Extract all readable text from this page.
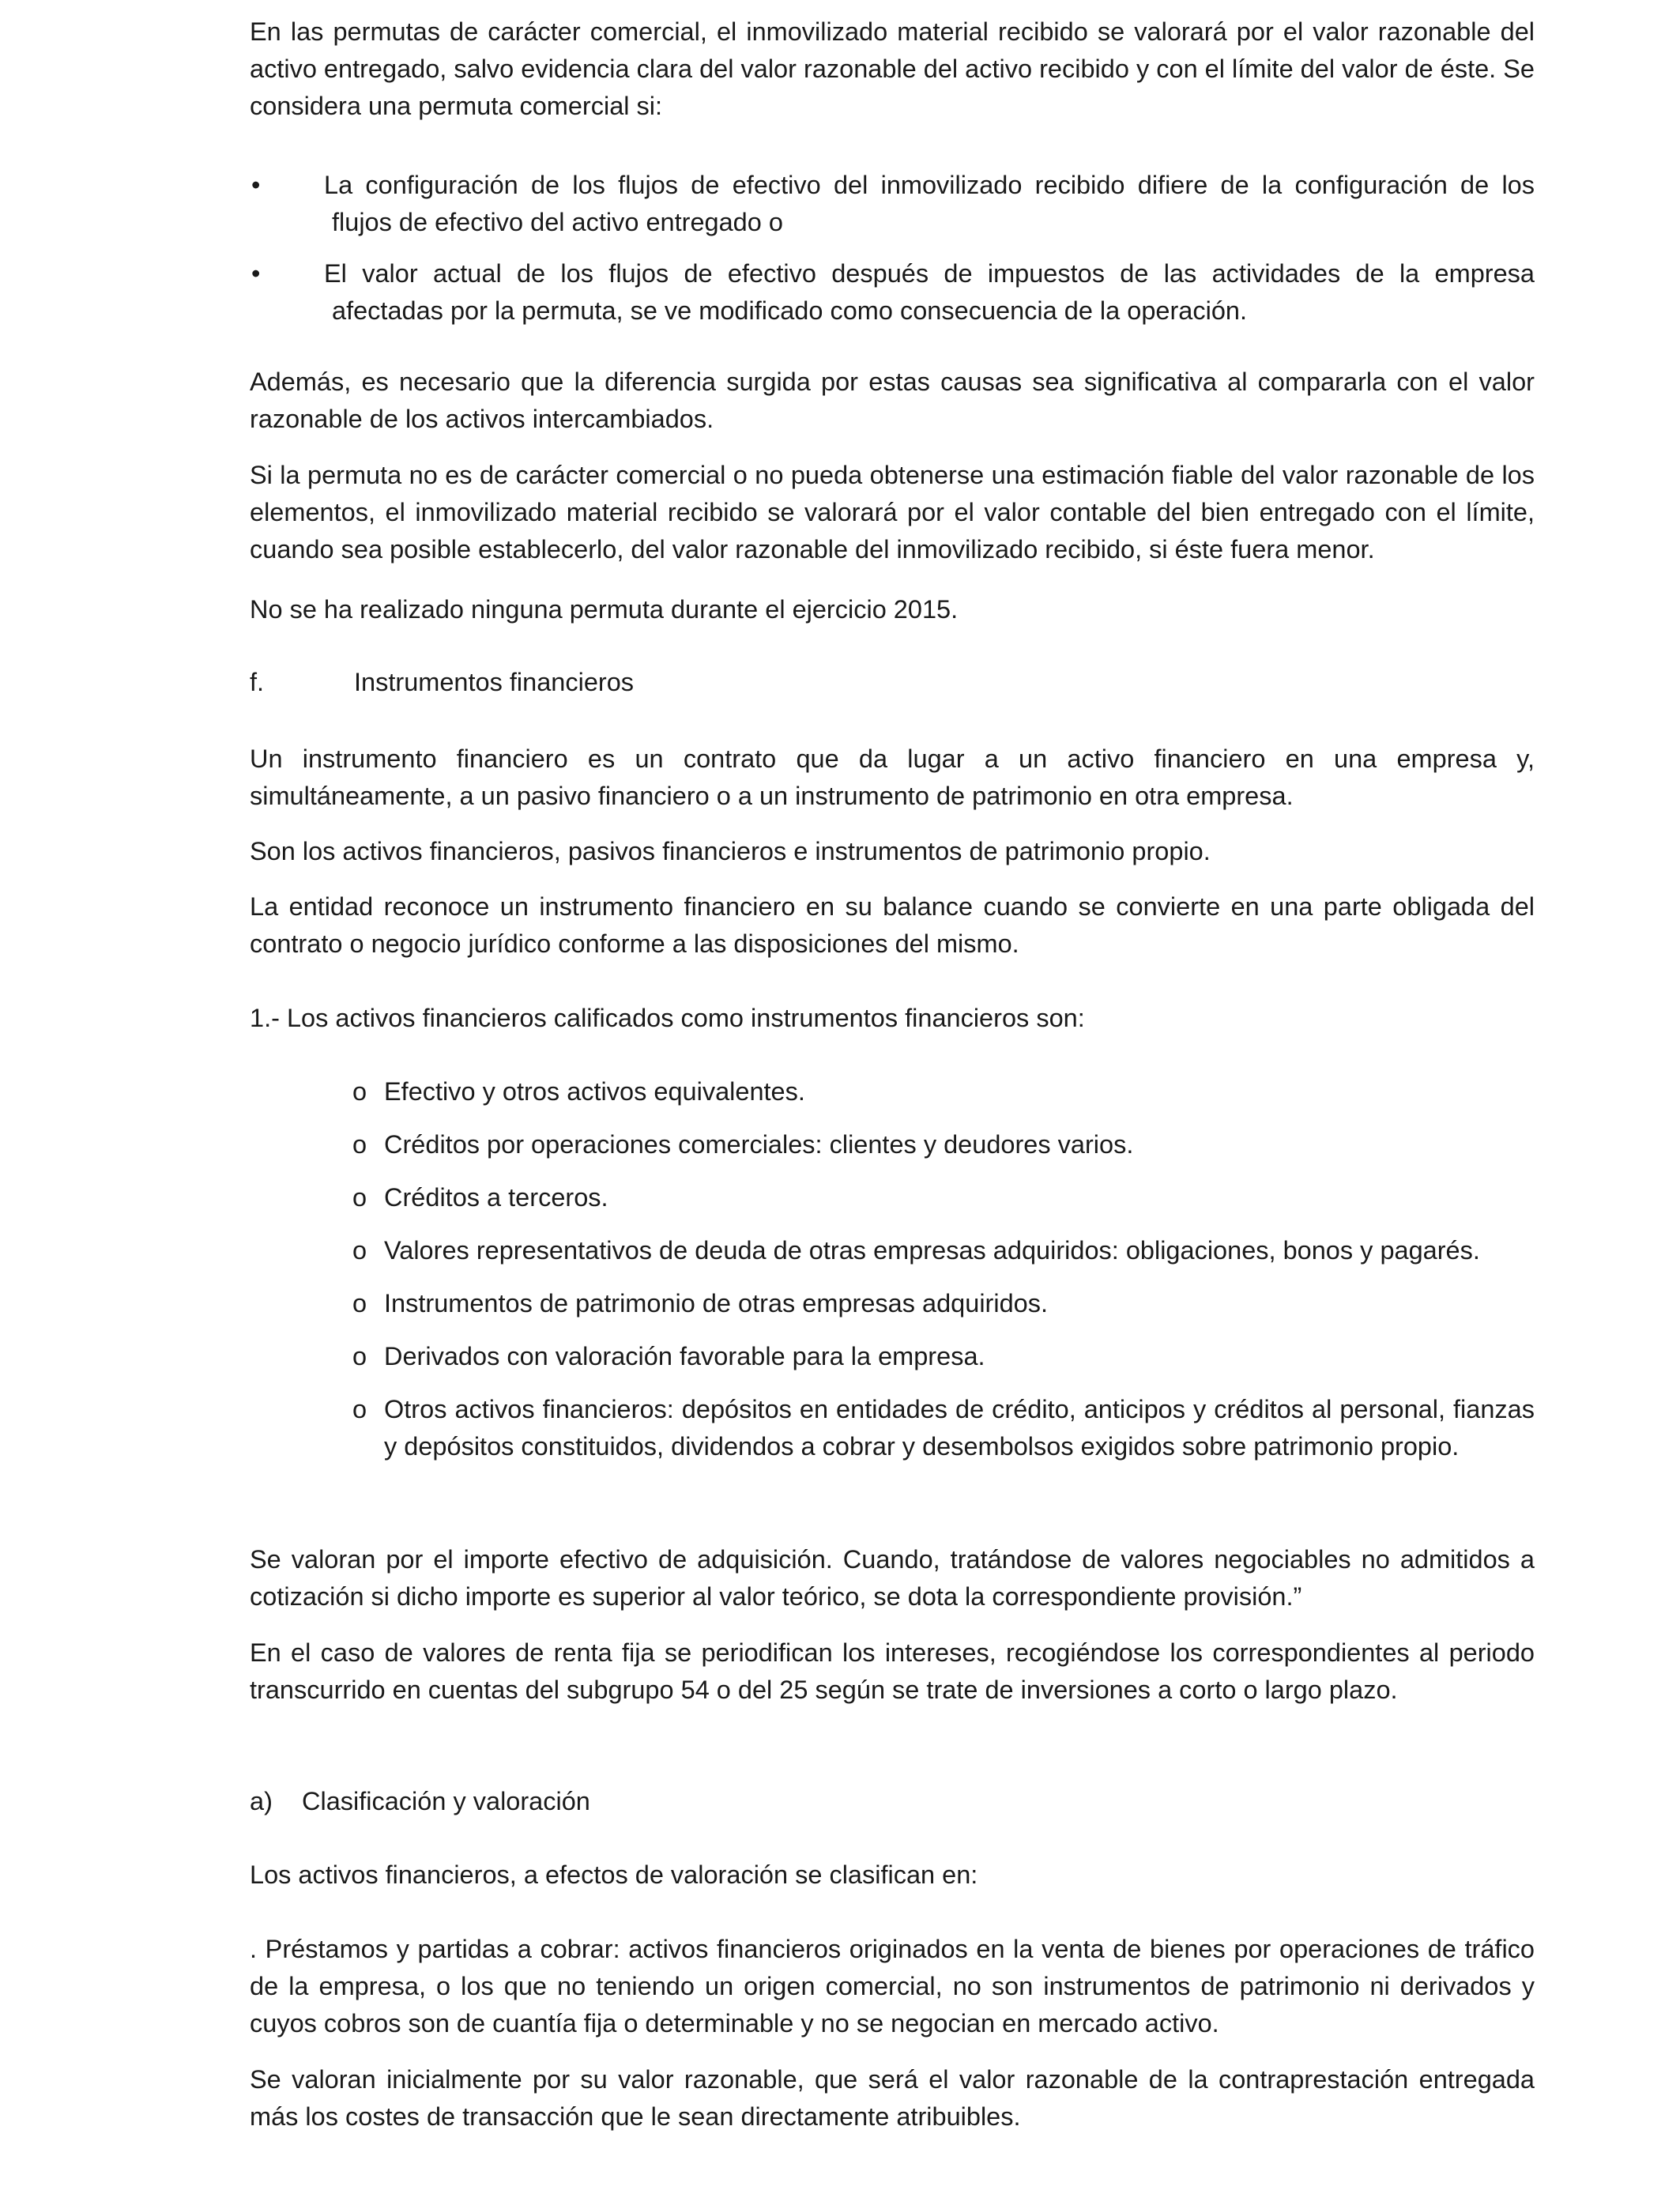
En las permutas de carácter comercial, el inmovilizado material recibido se valorará por el valor razonable del activo entregado, salvo evidencia clara del valor razonable del activo recibido y con el límite del valor de éste. Se considera una permuta comercial si:

• La configuración de los flujos de efectivo del inmovilizado recibido difiere de la configuración de los
flujos de efectivo del activo entregado o
• El valor actual de los flujos de efectivo después de impuestos de las actividades de la empresa
afectadas por la permuta, se ve modificado como consecuencia de la operación.

Además, es necesario que la diferencia surgida por estas causas sea significativa al compararla con el valor razonable de los activos intercambiados.

Si la permuta no es de carácter comercial o no pueda obtenerse una estimación fiable del valor razonable de los elementos, el inmovilizado material recibido se valorará por el valor contable del bien entregado con el límite, cuando sea posible establecerlo, del valor razonable del inmovilizado recibido, si éste fuera menor.

No se ha realizado ninguna permuta durante el ejercicio 2015.

f.	Instrumentos financieros

Un instrumento financiero es un contrato que da lugar a un activo financiero en una empresa y, simultáneamente, a un pasivo financiero o a un instrumento de patrimonio en otra empresa.

Son los activos financieros, pasivos financieros e instrumentos de patrimonio propio.

La entidad reconoce un instrumento financiero en su balance cuando se convierte en una parte obligada del contrato o negocio jurídico conforme a las disposiciones del mismo.

1.- Los activos financieros calificados como instrumentos financieros son:

o Efectivo y otros activos equivalentes.
o Créditos por operaciones comerciales: clientes y deudores varios.
o Créditos a terceros.
o Valores representativos de deuda de otras empresas adquiridos: obligaciones, bonos y pagarés.
o Instrumentos de patrimonio de otras empresas adquiridos.
o Derivados con valoración favorable para la empresa.
o Otros activos financieros: depósitos en entidades de crédito, anticipos y créditos al personal, fianzas y depósitos constituidos, dividendos a cobrar y desembolsos exigidos sobre patrimonio propio.

Se valoran por el importe efectivo de adquisición. Cuando, tratándose de valores negociables no admitidos a cotización si dicho importe es superior al valor teórico, se dota la correspondiente provisión.”

En el caso de valores de renta fija se periodifican los intereses, recogiéndose los correspondientes al periodo transcurrido en cuentas del subgrupo 54 o del 25 según se trate de inversiones a corto o largo plazo.

a) Clasificación y valoración

Los activos financieros, a efectos de valoración se clasifican en:

. Préstamos y partidas a cobrar: activos financieros originados en la venta de bienes por operaciones de tráfico de la empresa, o los que no teniendo un origen comercial, no son instrumentos de patrimonio ni derivados y cuyos cobros son de cuantía fija o determinable y no se negocian en mercado activo.

Se valoran inicialmente por su valor razonable, que será el valor razonable de la contraprestación entregada más los costes de transacción que le sean directamente atribuibles.
